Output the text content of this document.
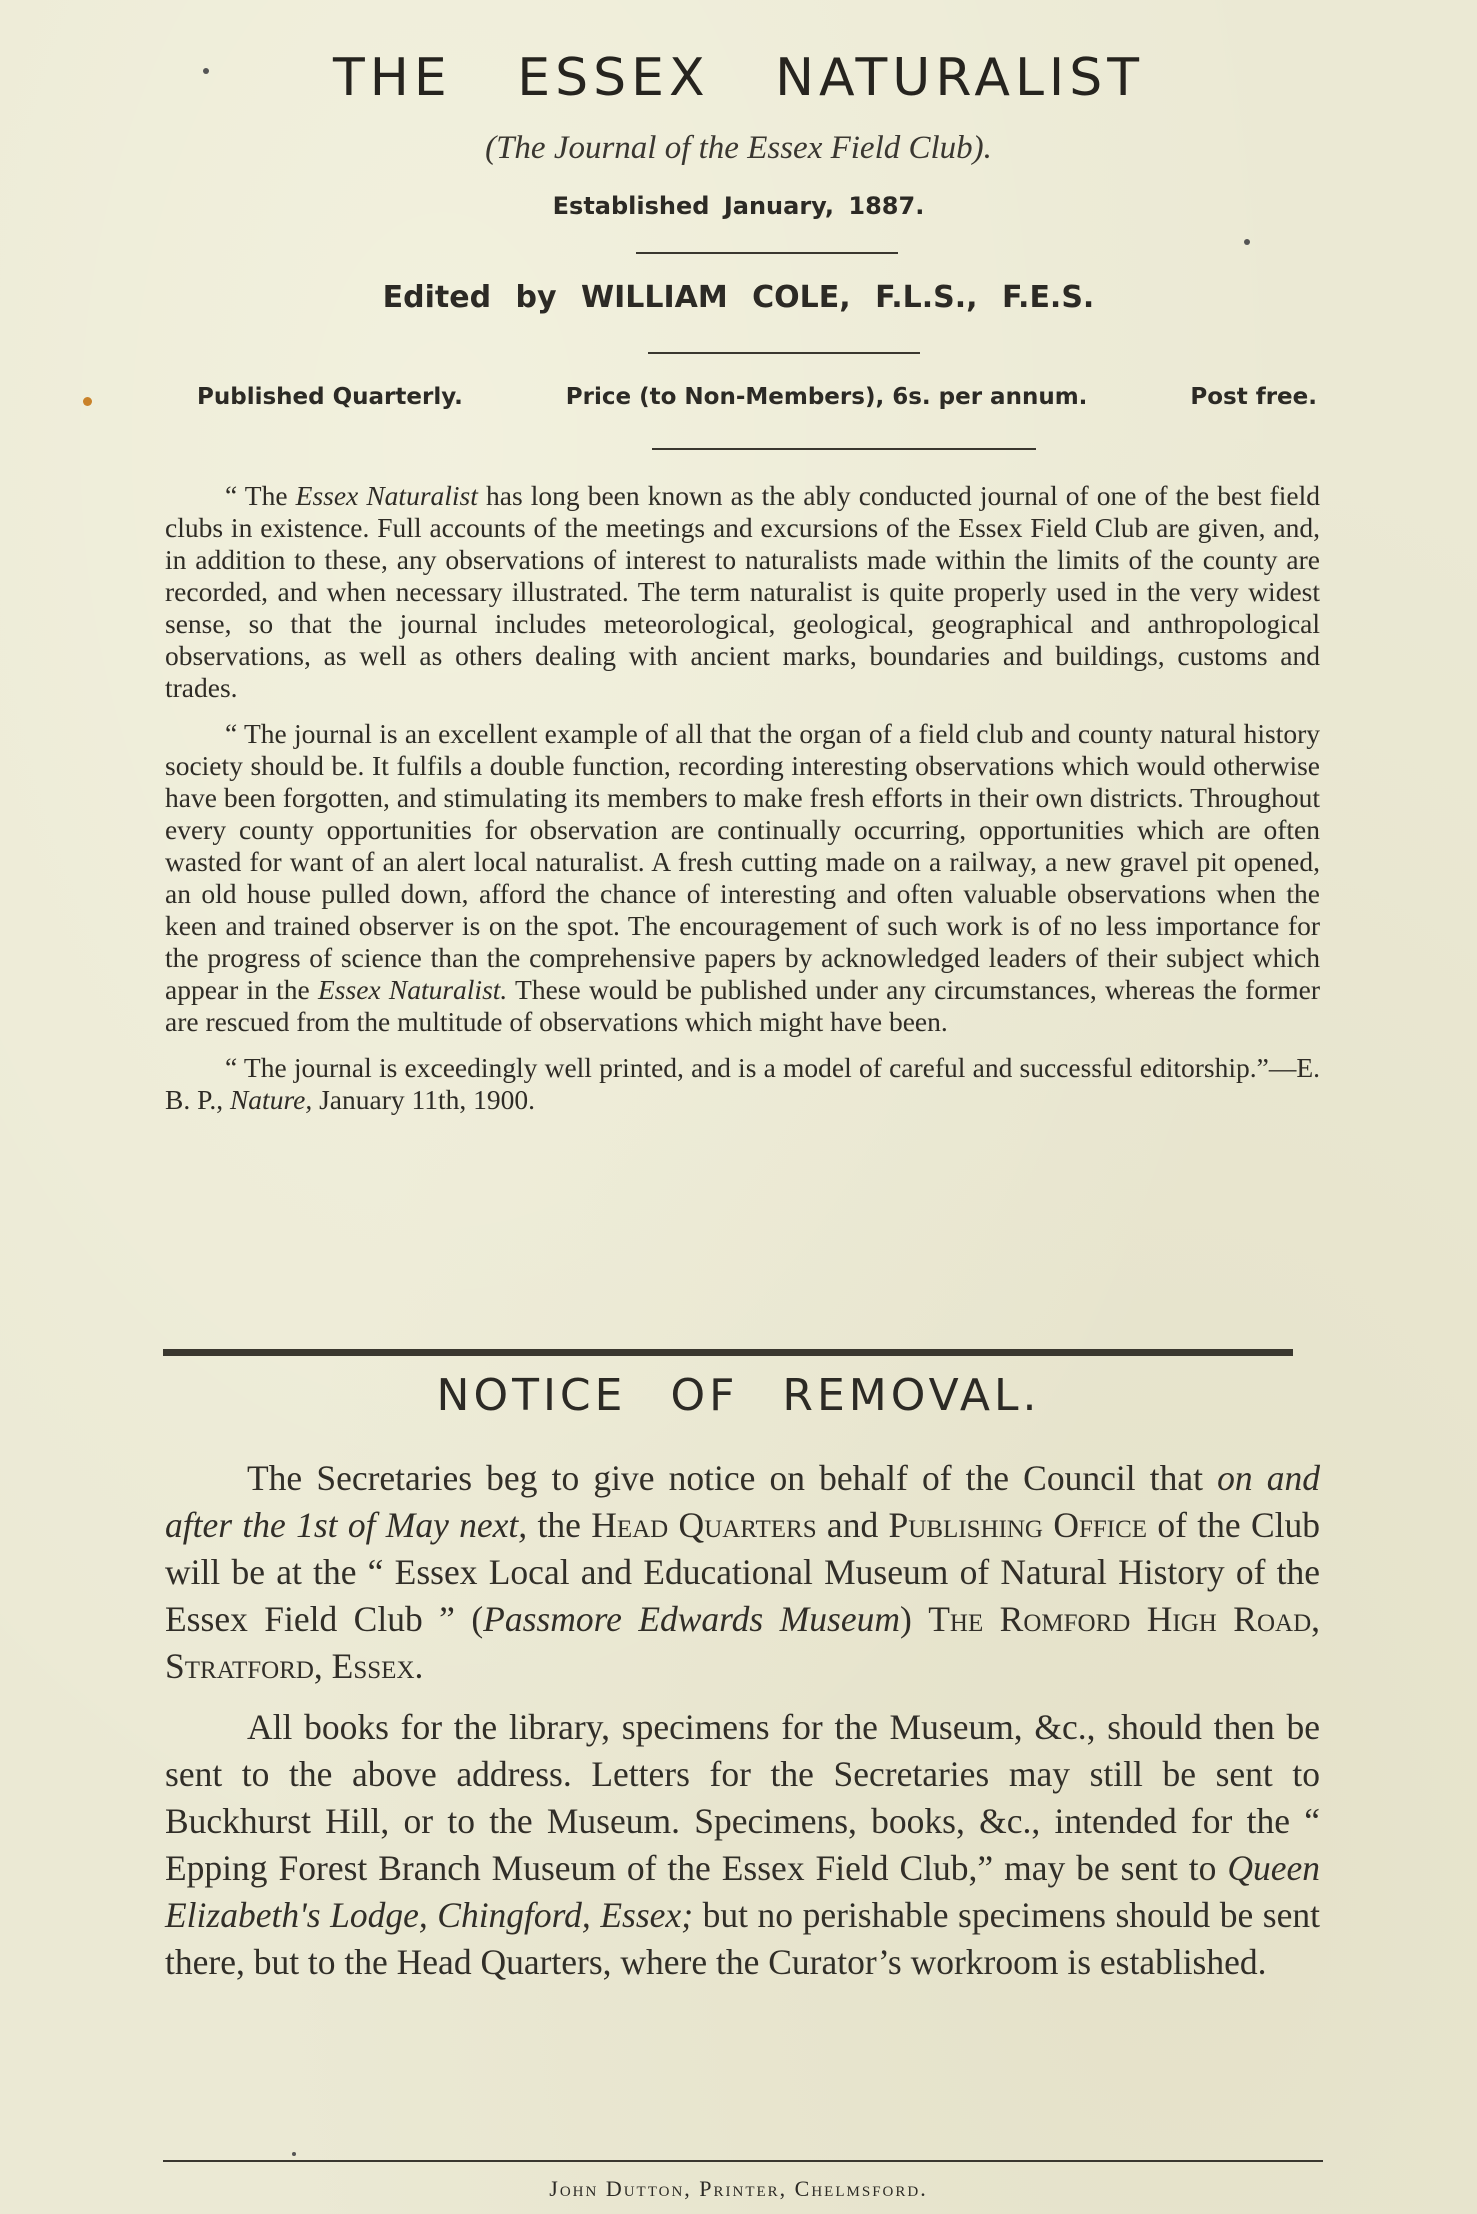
THE ESSEX NATURALIST
(The Journal of the Essex Field Club).
Established January, 1887.
Edited by WILLIAM COLE, F.L.S., F.E.S.
Published Quarterly.	Price (to Non-Members), 6s. per annum.	Post free.

“ The Essex Naturalist has long been known as the ably conducted journal of one of the best field clubs in existence. Full accounts of the meetings and excursions of the Essex Field Club are given, and, in addition to these, any observations of interest to naturalists made within the limits of the county are recorded, and when necessary illustrated. The term naturalist is quite properly used in the very widest sense, so that the journal includes meteorological, geological, geographical and anthropological observations, as well as others dealing with ancient marks, boundaries and buildings, customs and trades.

“ The journal is an excellent example of all that the organ of a field club and county natural history society should be. It fulfils a double function, recording interesting observations which would otherwise have been forgotten, and stimulating its members to make fresh efforts in their own districts. Throughout every county opportunities for observation are continually occurring, opportunities which are often wasted for want of an alert local naturalist. A fresh cutting made on a railway, a new gravel pit opened, an old house pulled down, afford the chance of interesting and often valuable observations when the keen and trained observer is on the spot. The encouragement of such work is of no less importance for the progress of science than the comprehensive papers by acknowledged leaders of their subject which appear in the Essex Naturalist. These would be published under any circumstances, whereas the former are rescued from the multitude of observations which might have been.

“ The journal is exceedingly well printed, and is a model of careful and successful editorship.”—E. B. P., Nature, January 11th, 1900.

NOTICE OF REMOVAL.

The Secretaries beg to give notice on behalf of the Council that on and after the 1st of May next, the Head Quarters and Publishing Office of the Club will be at the “ Essex Local and Educational Museum of Natural History of the Essex Field Club ” (Passmore Edwards Museum) The Romford High Road, Stratford, Essex.

All books for the library, specimens for the Museum, &c., should then be sent to the above address. Letters for the Secretaries may still be sent to Buckhurst Hill, or to the Museum. Specimens, books, &c., intended for the “ Epping Forest Branch Museum of the Essex Field Club,” may be sent to Queen Elizabeth's Lodge, Chingford, Essex; but no perishable specimens should be sent there, but to the Head Quarters, where the Curator’s workroom is established.

John Dutton, Printer, Chelmsford.
